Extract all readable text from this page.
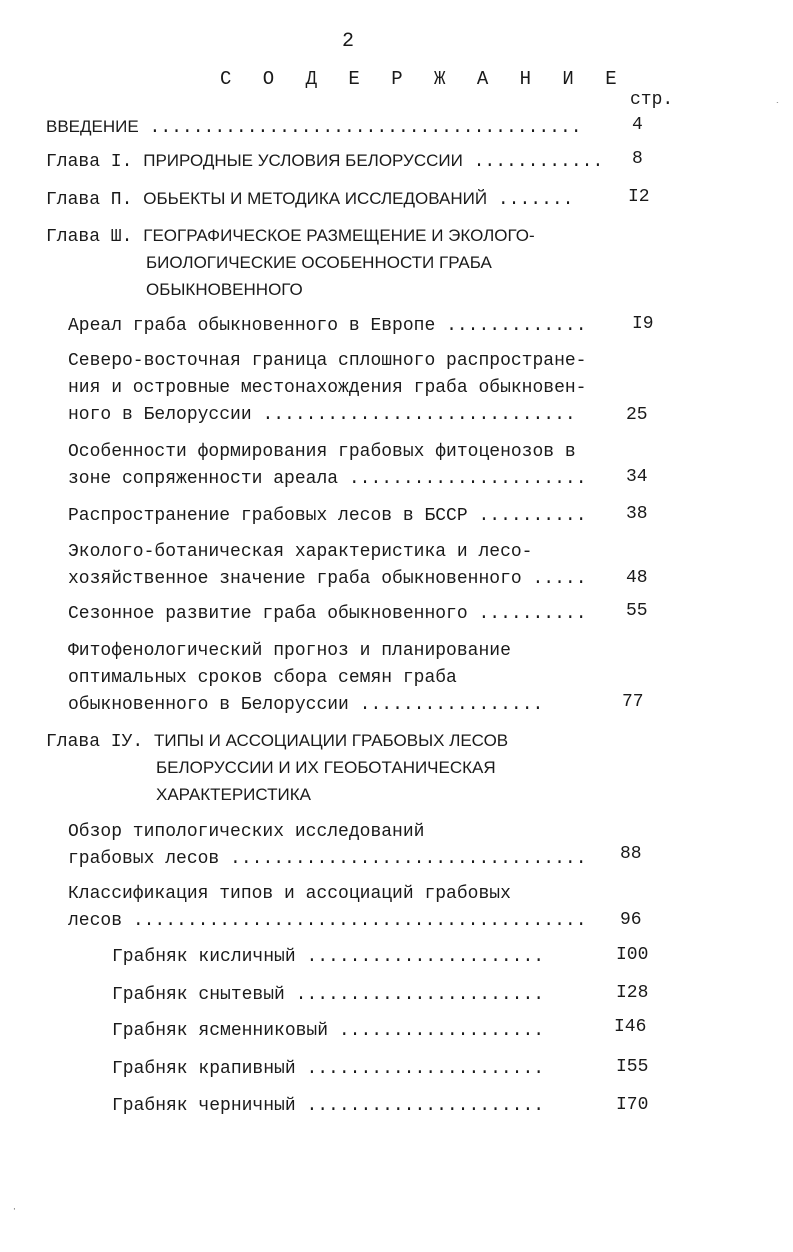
2
С О Д Е Р Ж А Н И Е
стр.
ВВЕДЕНИЕ ........................................	4
Глава I. ПРИРОДНЫЕ УСЛОВИЯ БЕЛОРУССИИ ............ 8
Глава П. ОБЬЕКТЫ И МЕТОДИКА ИССЛЕДОВАНИЙ .......	I2
Глава Ш. ГЕОГРАФИЧЕСКОЕ РАЗМЕЩЕНИЕ И ЭКОЛОГО-
БИОЛОГИЧЕСКИЕ ОСОБЕННОСТИ ГРАБА
ОБЫКНОВЕННОГО
Ареал граба обыкновенного в Европе .............	I9
Северо-восточная граница сплошного распростране-
ния и островные местонахождения граба обыкновен-
ного в Белоруссии .............................	25
Особенности формирования грабовых фитоценозов в
зоне сопряженности ареала ...................... 34
Распространение грабовых лесов в БССР .......... 38
Эколого-ботаническая характеристика и лесо-
хозяйственное значение граба обыкновенного ..... 48
Сезонное развитие граба обыкновенного .......... 55
Фитофенологический прогноз и планирование
оптимальных сроков сбора семян граба
обыкновенного в Белоруссии .................	77
Глава IУ. ТИПЫ И АССОЦИАЦИИ ГРАБОВЫХ ЛЕСОВ
БЕЛОРУССИИ И ИХ ГЕОБОТАНИЧЕСКАЯ
ХАРАКТЕРИСТИКА
Обзор типологических исследований
грабовых лесов ................................. 88
Классификация типов и ассоциаций грабовых
лесов .......................................... 96
Грабняк кисличный ......................	I00
Грабняк снытевый .......................	I28
Грабняк ясменниковый ...................	I46
Грабняк крапивный ......................	I55
Грабняк черничный ......................	I70
`
·
